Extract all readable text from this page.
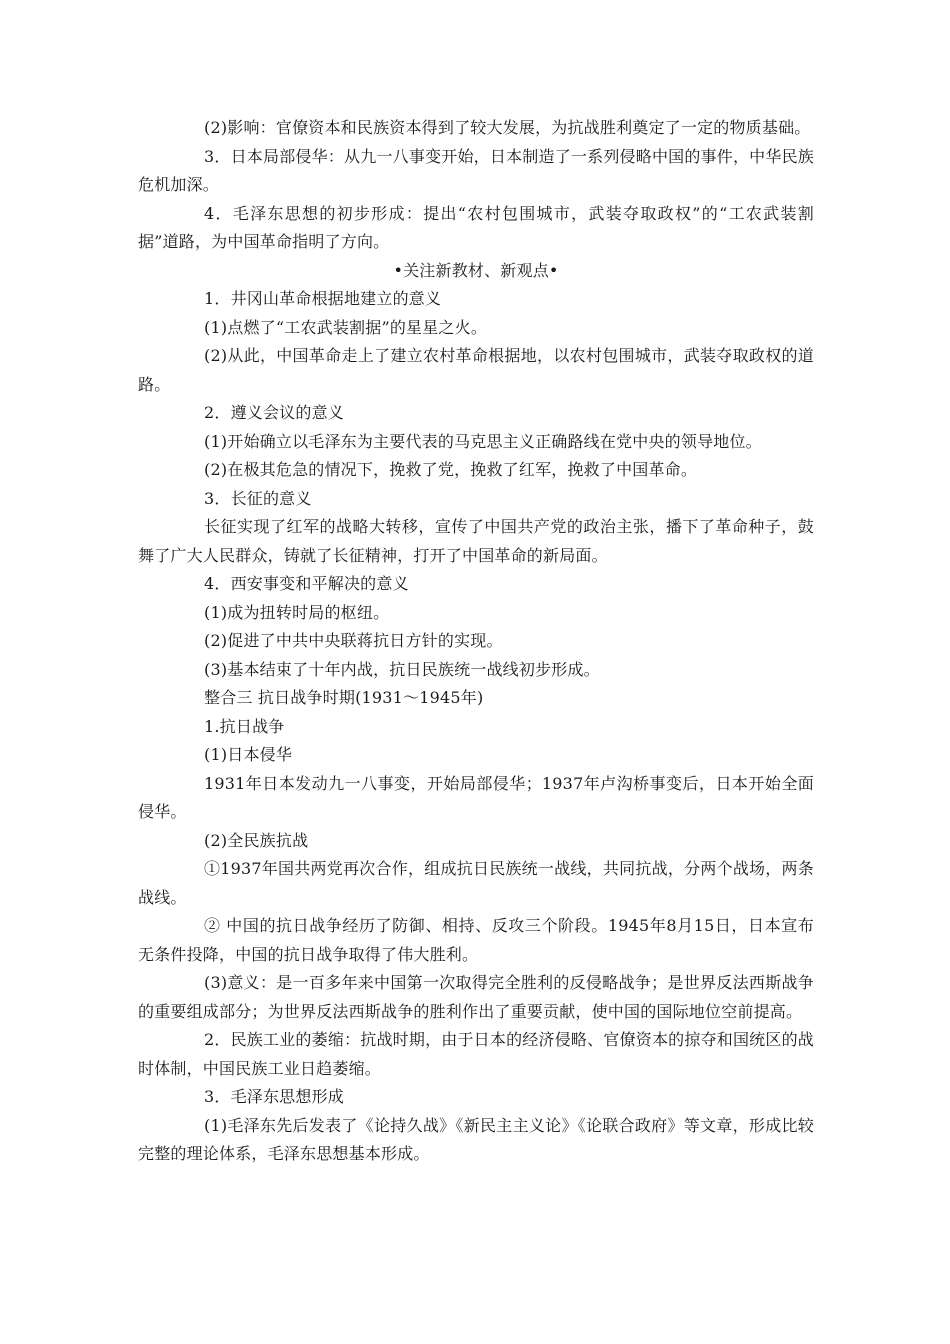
(2)影响：官僚资本和民族资本得到了较大发展，为抗战胜利奠定了一定的物质基础。

3．日本局部侵华：从九一八事变开始，日本制造了一系列侵略中国的事件，中华民族危机加深。

4．毛泽东思想的初步形成：提出“农村包围城市，武装夺取政权”的“工农武装割据”道路，为中国革命指明了方向。

•关注新教材、新观点•

1．井冈山革命根据地建立的意义

(1)点燃了“工农武装割据”的星星之火。

(2)从此，中国革命走上了建立农村革命根据地，以农村包围城市，武装夺取政权的道路。

2．遵义会议的意义

(1)开始确立以毛泽东为主要代表的马克思主义正确路线在党中央的领导地位。

(2)在极其危急的情况下，挽救了党，挽救了红军，挽救了中国革命。

3．长征的意义

长征实现了红军的战略大转移，宣传了中国共产党的政治主张，播下了革命种子，鼓舞了广大人民群众，铸就了长征精神，打开了中国革命的新局面。

4．西安事变和平解决的意义

(1)成为扭转时局的枢纽。

(2)促进了中共中央联蒋抗日方针的实现。

(3)基本结束了十年内战，抗日民族统一战线初步形成。

整合三 抗日战争时期(1931～1945年)

1.抗日战争

(1)日本侵华

1931年日本发动九一八事变，开始局部侵华；1937年卢沟桥事变后，日本开始全面侵华。

(2)全民族抗战

①1937年国共两党再次合作，组成抗日民族统一战线，共同抗战，分两个战场，两条战线。

② 中国的抗日战争经历了防御、相持、反攻三个阶段。1945年8月15日，日本宣布无条件投降，中国的抗日战争取得了伟大胜利。

(3)意义：是一百多年来中国第一次取得完全胜利的反侵略战争；是世界反法西斯战争的重要组成部分；为世界反法西斯战争的胜利作出了重要贡献，使中国的国际地位空前提高。

2．民族工业的萎缩：抗战时期，由于日本的经济侵略、官僚资本的掠夺和国统区的战时体制，中国民族工业日趋萎缩。

3．毛泽东思想形成

(1)毛泽东先后发表了《论持久战》《新民主主义论》《论联合政府》等文章，形成比较完整的理论体系，毛泽东思想基本形成。
